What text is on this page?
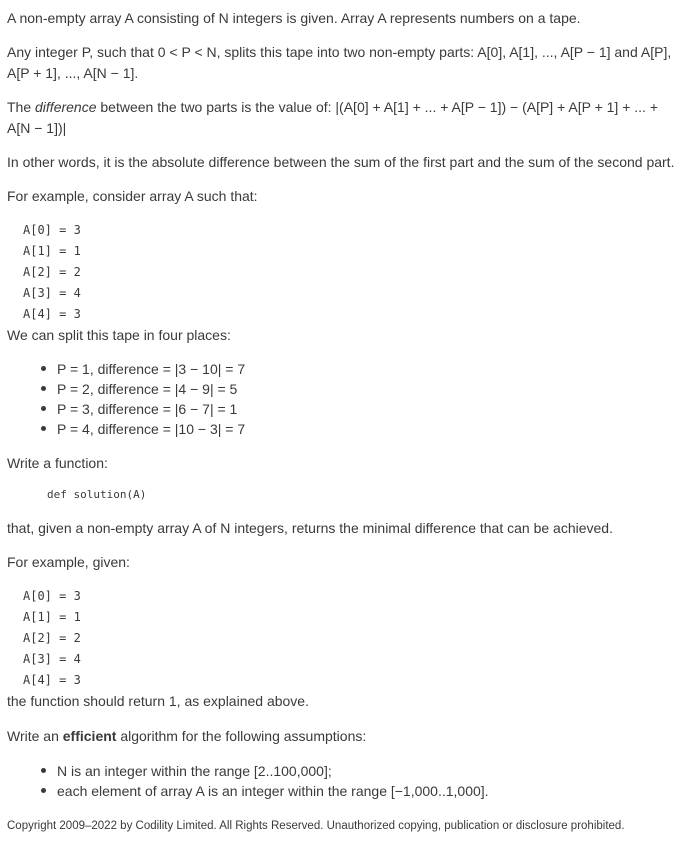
A non-empty array A consisting of N integers is given. Array A represents numbers on a tape.

Any integer P, such that 0 < P < N, splits this tape into two non-empty parts: A[0], A[1], ..., A[P − 1] and A[P], A[P + 1], ..., A[N − 1].

The difference between the two parts is the value of: |(A[0] + A[1] + ... + A[P − 1]) − (A[P] + A[P + 1] + ... + A[N − 1])|

In other words, it is the absolute difference between the sum of the first part and the sum of the second part.

For example, consider array A such that:

A[0] = 3
A[1] = 1
A[2] = 2
A[3] = 4
A[4] = 3

We can split this tape in four places:

P = 1, difference = |3 − 10| = 7
P = 2, difference = |4 − 9| = 5
P = 3, difference = |6 − 7| = 1
P = 4, difference = |10 − 3| = 7

Write a function:

def solution(A)

that, given a non-empty array A of N integers, returns the minimal difference that can be achieved.

For example, given:

A[0] = 3
A[1] = 1
A[2] = 2
A[3] = 4
A[4] = 3

the function should return 1, as explained above.

Write an efficient algorithm for the following assumptions:

N is an integer within the range [2..100,000];
each element of array A is an integer within the range [−1,000..1,000].

Copyright 2009–2022 by Codility Limited. All Rights Reserved. Unauthorized copying, publication or disclosure prohibited.
